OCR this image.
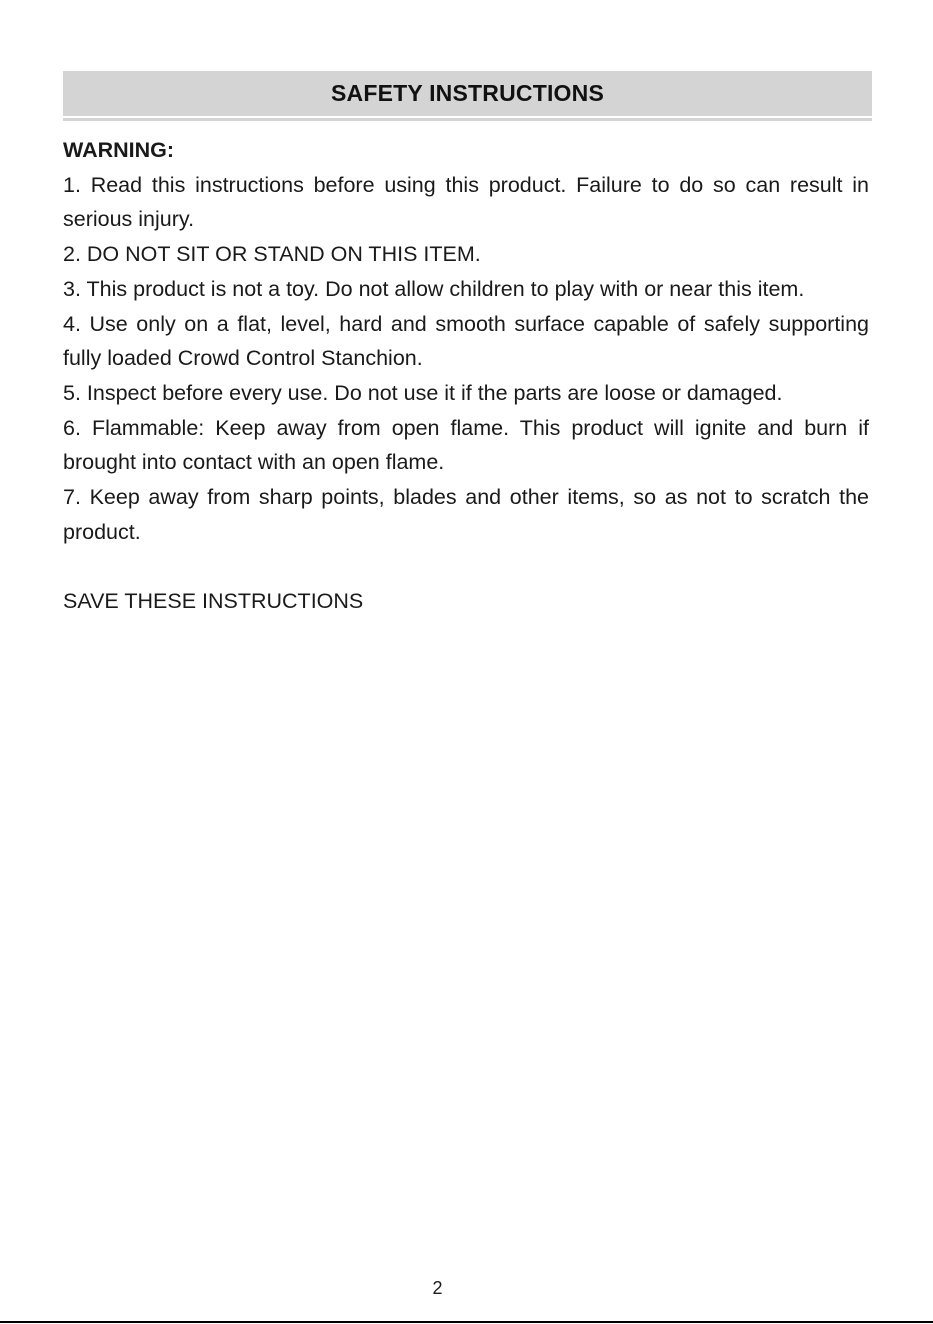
SAFETY INSTRUCTIONS

WARNING:

1. Read this instructions before using this product. Failure to do so can result in serious injury.

2. DO NOT SIT OR STAND ON THIS ITEM.

3. This product is not a toy. Do not allow children to play with or near this item.

4. Use only on a flat, level, hard and smooth surface capable of safely supporting fully loaded Crowd Control Stanchion.

5. Inspect before every use. Do not use it if the parts are loose or damaged.

6. Flammable: Keep away from open flame. This product will ignite and burn if brought into contact with an open flame.

7. Keep away from sharp points, blades and other items, so as not to scratch the product.

SAVE THESE INSTRUCTIONS

2
